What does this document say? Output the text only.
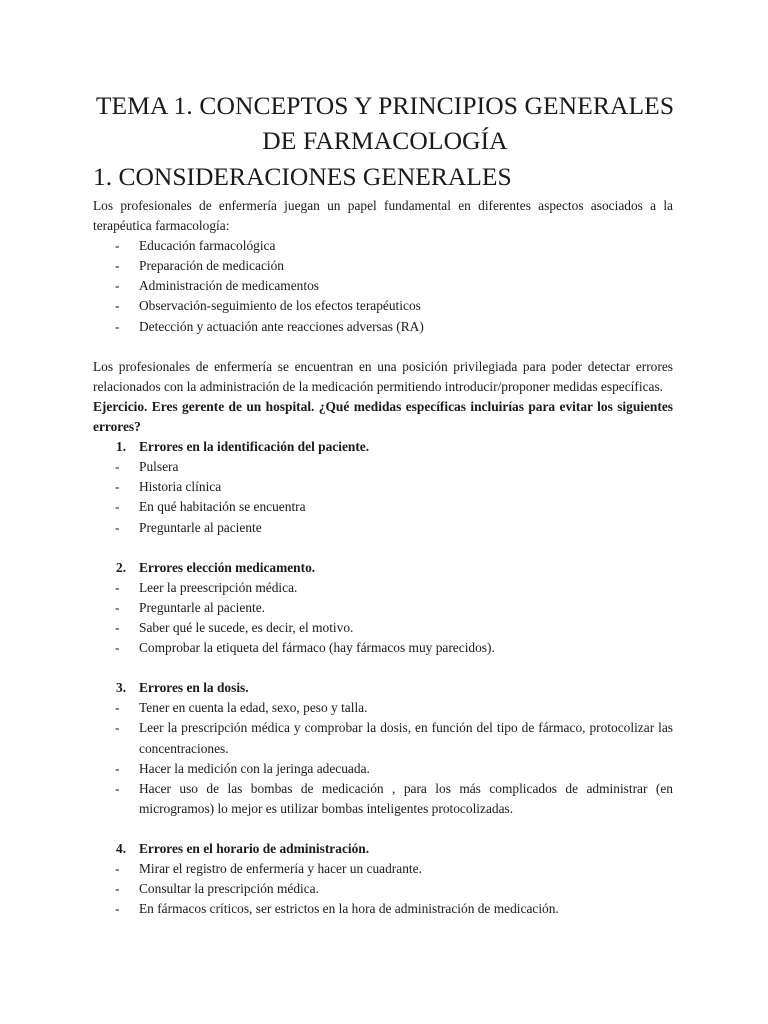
TEMA 1. CONCEPTOS Y PRINCIPIOS GENERALES DE FARMACOLOGÍA
1. CONSIDERACIONES GENERALES

Los profesionales de enfermería juegan un papel fundamental en diferentes aspectos asociados a la terapéutica farmacología:

- Educación farmacológica
- Preparación de medicación
- Administración de medicamentos
- Observación-seguimiento de los efectos terapéuticos
- Detección y actuación ante reacciones adversas (RA)

Los profesionales de enfermería se encuentran en una posición privilegiada para poder detectar errores relacionados con la administración de la medicación permitiendo introducir/proponer medidas específicas.

Ejercicio. Eres gerente de un hospital. ¿Qué medidas específicas incluirías para evitar los siguientes errores?

1. Errores en la identificación del paciente.

- Pulsera
- Historia clínica
- En qué habitación se encuentra
- Preguntarle al paciente

2. Errores elección medicamento.

- Leer la preescripción médica.
- Preguntarle al paciente.
- Saber qué le sucede, es decir, el motivo.
- Comprobar la etiqueta del fármaco (hay fármacos muy parecidos).

3. Errores en la dosis.

- Tener en cuenta la edad, sexo, peso y talla.
- Leer la prescripción médica y comprobar la dosis, en función del tipo de fármaco, protocolizar las concentraciones.
- Hacer la medición con la jeringa adecuada.
- Hacer uso de las bombas de medicación , para los más complicados de administrar (en microgramos) lo mejor es utilizar bombas inteligentes protocolizadas.

4. Errores en el horario de administración.

- Mirar el registro de enfermería y hacer un cuadrante.
- Consultar la prescripción médica.
- En fármacos críticos, ser estrictos en la hora de administración de medicación.
